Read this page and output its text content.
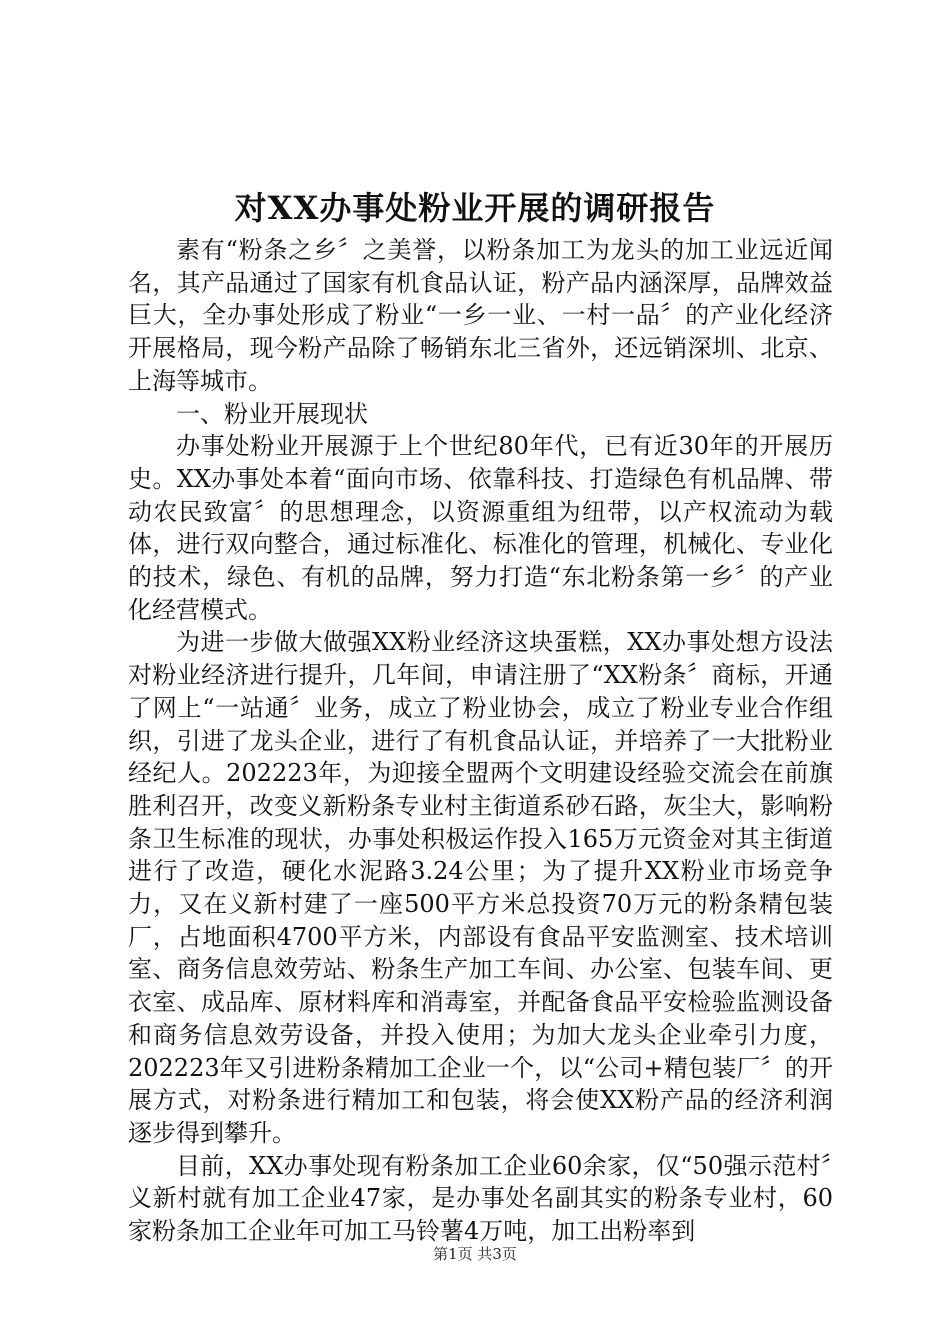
对XX办事处粉业开展的调研报告

素有“粉条之乡〞之美誉，以粉条加工为龙头的加工业远近闻名，其产品通过了国家有机食品认证，粉产品内涵深厚，品牌效益巨大，全办事处形成了粉业“一乡一业、一村一品〞的产业化经济开展格局，现今粉产品除了畅销东北三省外，还远销深圳、北京、上海等城市。

一、粉业开展现状

办事处粉业开展源于上个世纪80年代，已有近30年的开展历史。XX办事处本着“面向市场、依靠科技、打造绿色有机品牌、带动农民致富〞的思想理念，以资源重组为纽带，以产权流动为载体，进行双向整合，通过标准化、标准化的管理，机械化、专业化的技术，绿色、有机的品牌，努力打造“东北粉条第一乡〞的产业化经营模式。

为进一步做大做强XX粉业经济这块蛋糕，XX办事处想方设法对粉业经济进行提升，几年间，申请注册了“XX粉条〞商标，开通了网上“一站通〞业务，成立了粉业协会，成立了粉业专业合作组织，引进了龙头企业，进行了有机食品认证，并培养了一大批粉业经纪人。202223年，为迎接全盟两个文明建设经验交流会在前旗胜利召开，改变义新粉条专业村主街道系砂石路，灰尘大，影响粉条卫生标准的现状，办事处积极运作投入165万元资金对其主街道进行了改造，硬化水泥路3.24公里；为了提升XX粉业市场竞争力，又在义新村建了一座500平方米总投资70万元的粉条精包装厂，占地面积4700平方米，内部设有食品平安监测室、技术培训室、商务信息效劳站、粉条生产加工车间、办公室、包装车间、更衣室、成品库、原材料库和消毒室，并配备食品平安检验监测设备和商务信息效劳设备，并投入使用；为加大龙头企业牵引力度，202223年又引进粉条精加工企业一个，以“公司+精包装厂〞的开展方式，对粉条进行精加工和包装，将会使XX粉产品的经济利润逐步得到攀升。

目前，XX办事处现有粉条加工企业60余家，仅“50强示范村〞义新村就有加工企业47家，是办事处名副其实的粉条专业村，60家粉条加工企业年可加工马铃薯4万吨，加工出粉率到

第1页 共3页
